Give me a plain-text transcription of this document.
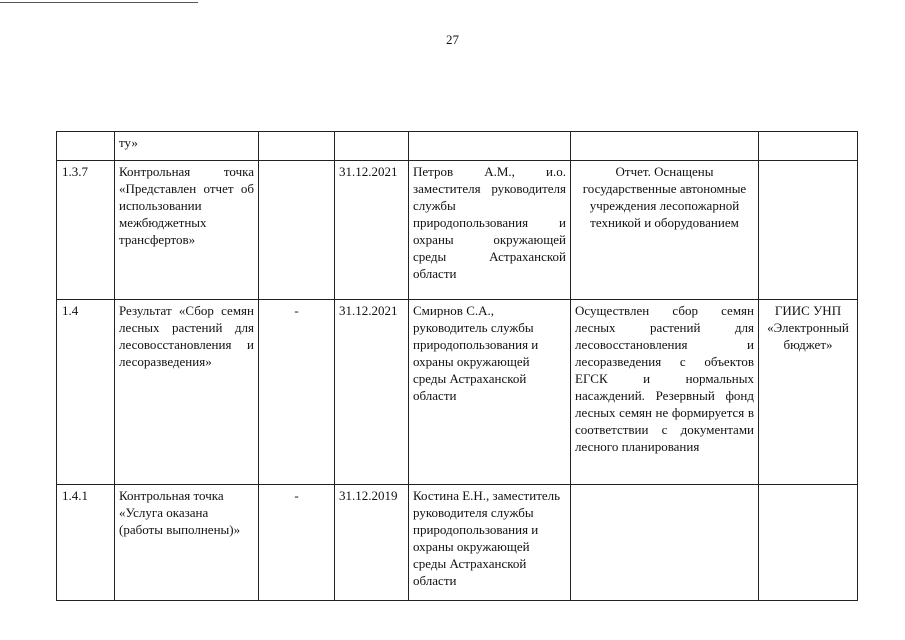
27
	ту»					
1.3.7	Контрольная точка «Представлен отчет об использовании межбюджетных трансфертов»		31.12.2021	Петров А.М., и.о. заместителя руководителя службы природопользования и охраны окружающей среды Астраханской области	Отчет. Оснащены государственные автономные учреждения лесопожарной техникой и оборудованием	
1.4	Результат «Сбор семян лесных растений для лесовосстановления и лесоразведения»	-	31.12.2021	Смирнов С.А., руководитель службы природопользования и охраны окружающей среды Астраханской области	Осуществлен сбор семян лесных растений для лесовосстановления и лесоразведения с объектов ЕГСК и нормальных насаждений. Резервный фонд лесных семян не формируется в соответствии с документами лесного планирования	ГИИС УНП «Электронный бюджет»
1.4.1	Контрольная точка «Услуга оказана (работы выполнены)»	-	31.12.2019	Костина Е.Н., заместитель руководителя службы природопользования и охраны окружающей среды Астраханской области		
